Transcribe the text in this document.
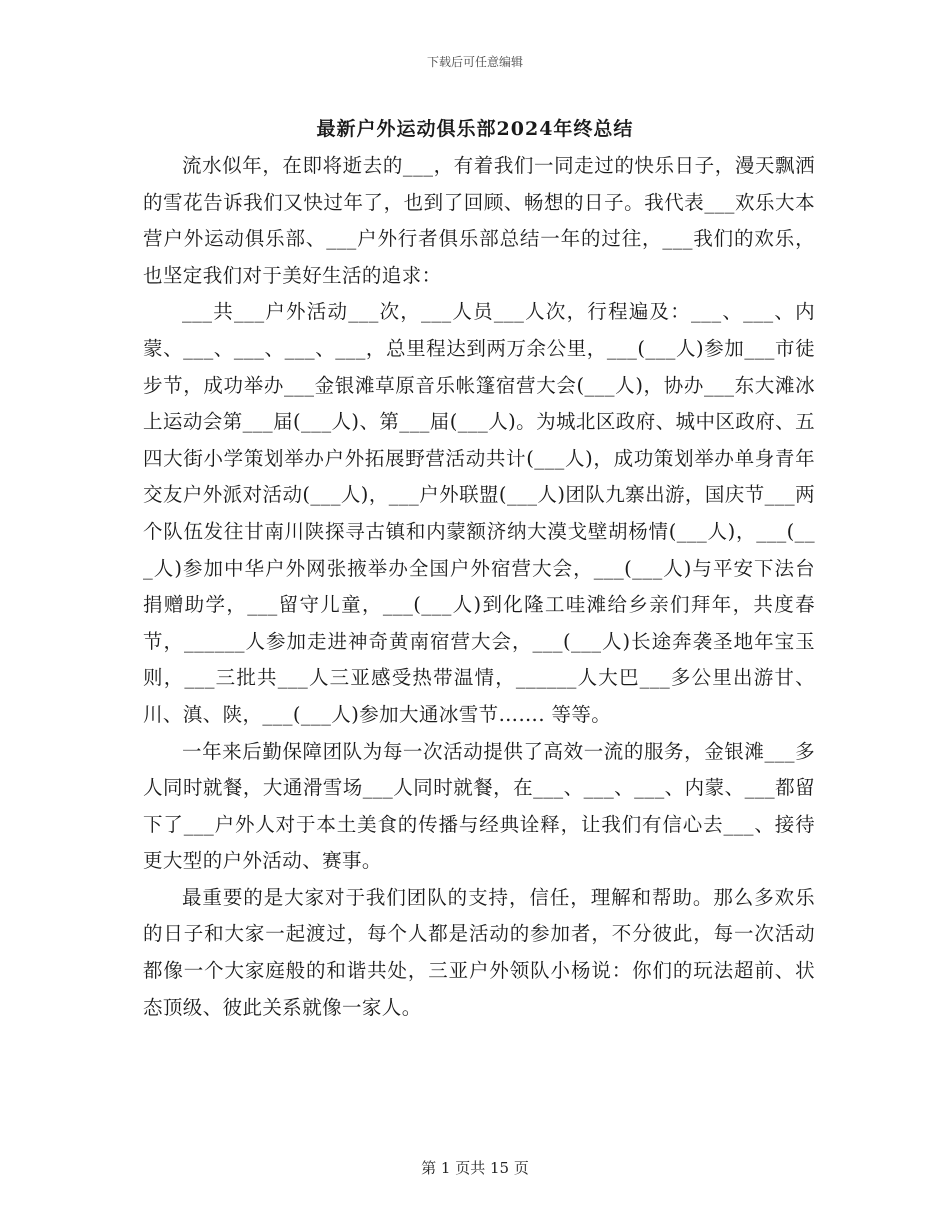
下载后可任意编辑
最新户外运动俱乐部2024年终总结

流水似年，在即将逝去的___，有着我们一同走过的快乐日子，漫天飘洒的雪花告诉我们又快过年了，也到了回顾、畅想的日子。我代表___欢乐大本营户外运动俱乐部、___户外行者俱乐部总结一年的过往，___我们的欢乐，也坚定我们对于美好生活的追求：

___共___户外活动___次，___人员___人次，行程遍及：___、___、内蒙、___、___、___、___，总里程达到两万余公里，___(___人)参加___市徒步节，成功举办___金银滩草原音乐帐篷宿营大会(___人)，协办___东大滩冰上运动会第___届(___人)、第___届(___人)。为城北区政府、城中区政府、五四大街小学策划举办户外拓展野营活动共计(___人)，成功策划举办单身青年交友户外派对活动(___人)，___户外联盟(___人)团队九寨出游，国庆节___两个队伍发往甘南川陕探寻古镇和内蒙额济纳大漠戈壁胡杨情(___人)，___(___人)参加中华户外网张掖举办全国户外宿营大会，___(___人)与平安下法台捐赠助学，___留守儿童，___(___人)到化隆工哇滩给乡亲们拜年，共度春节，______人参加走进神奇黄南宿营大会，___(___人)长途奔袭圣地年宝玉则，___三批共___人三亚感受热带温情，______人大巴___多公里出游甘、川、滇、陕，___(___人)参加大通冰雪节……. 等等。

一年来后勤保障团队为每一次活动提供了高效一流的服务，金银滩___多人同时就餐，大通滑雪场___人同时就餐，在___、___、___、内蒙、___都留下了___户外人对于本土美食的传播与经典诠释，让我们有信心去___、接待更大型的户外活动、赛事。

最重要的是大家对于我们团队的支持，信任，理解和帮助。那么多欢乐的日子和大家一起渡过，每个人都是活动的参加者，不分彼此，每一次活动都像一个大家庭般的和谐共处，三亚户外领队小杨说：你们的玩法超前、状态顶级、彼此关系就像一家人。

第 1 页共 15 页
